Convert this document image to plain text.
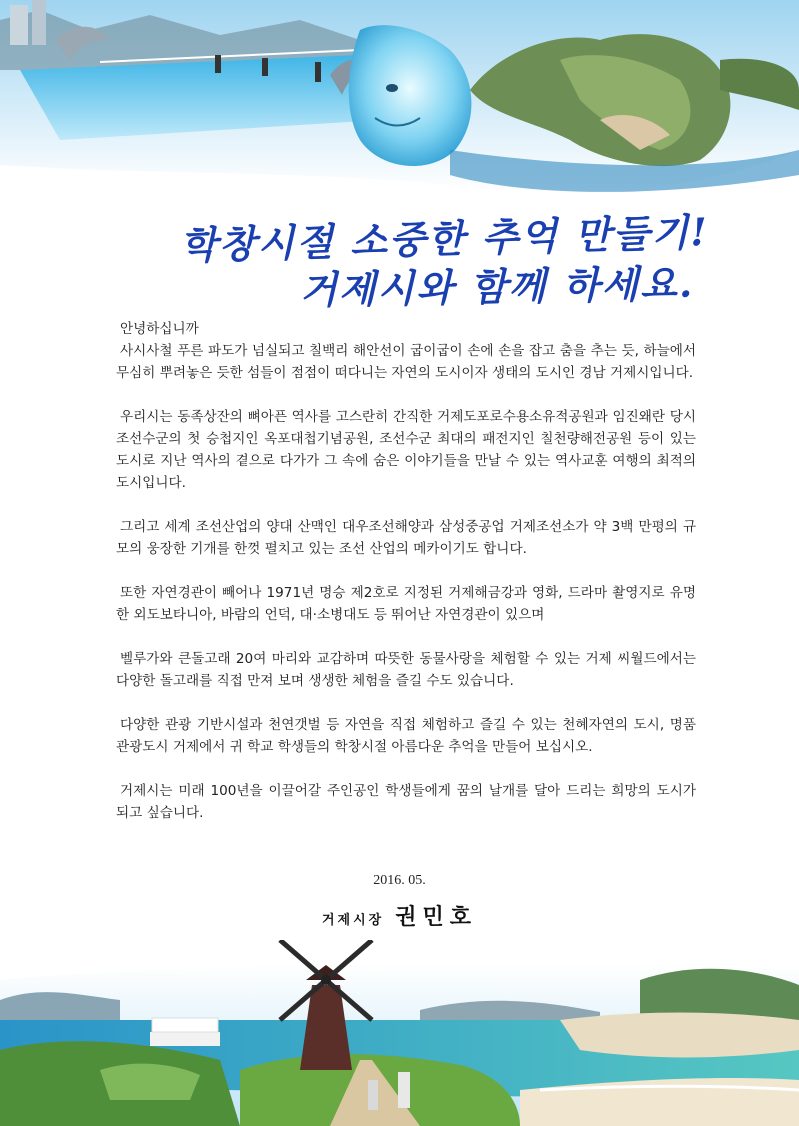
학창시절 소중한 추억 만들기!
거제시와 함께 하세요.

안녕하십니까

사시사철 푸른 파도가 넘실되고 칠백리 해안선이 굽이굽이 손에 손을 잡고 춤을 추는 듯, 하늘에서 무심히 뿌려놓은 듯한 섬들이 점점이 떠다니는 자연의 도시이자 생태의 도시인 경남 거제시입니다.

우리시는 동족상잔의 뼈아픈 역사를 고스란히 간직한 거제도포로수용소유적공원과 임진왜란 당시 조선수군의 첫 승첩지인 옥포대첩기념공원, 조선수군 최대의 패전지인 칠천량해전공원 등이 있는 도시로 지난 역사의 곁으로 다가가 그 속에 숨은 이야기들을 만날 수 있는 역사교훈 여행의 최적의 도시입니다.

그리고 세계 조선산업의 양대 산맥인 대우조선해양과 삼성중공업 거제조선소가 약 3백 만평의 규모의 웅장한 기개를 한껏 펼치고 있는 조선 산업의 메카이기도 합니다.

또한 자연경관이 빼어나 1971년 명승 제2호로 지정된 거제해금강과 영화, 드라마 촬영지로 유명한 외도보타니아, 바람의 언덕, 대·소병대도 등 뛰어난 자연경관이 있으며

벨루가와 큰돌고래 20여 마리와 교감하며 따뜻한 동물사랑을 체험할 수 있는 거제 씨월드에서는 다양한 돌고래를 직접 만져 보며 생생한 체험을 즐길 수도 있습니다.

다양한 관광 기반시설과 천연갯벌 등 자연을 직접 체험하고 즐길 수 있는 천혜자연의 도시, 명품 관광도시 거제에서 귀 학교 학생들의 학창시절 아름다운 추억을 만들어 보십시오.

거제시는 미래 100년을 이끌어갈 주인공인 학생들에게 꿈의 날개를 달아 드리는 희망의 도시가 되고 싶습니다.

2016. 05.
거제시장 권민호
